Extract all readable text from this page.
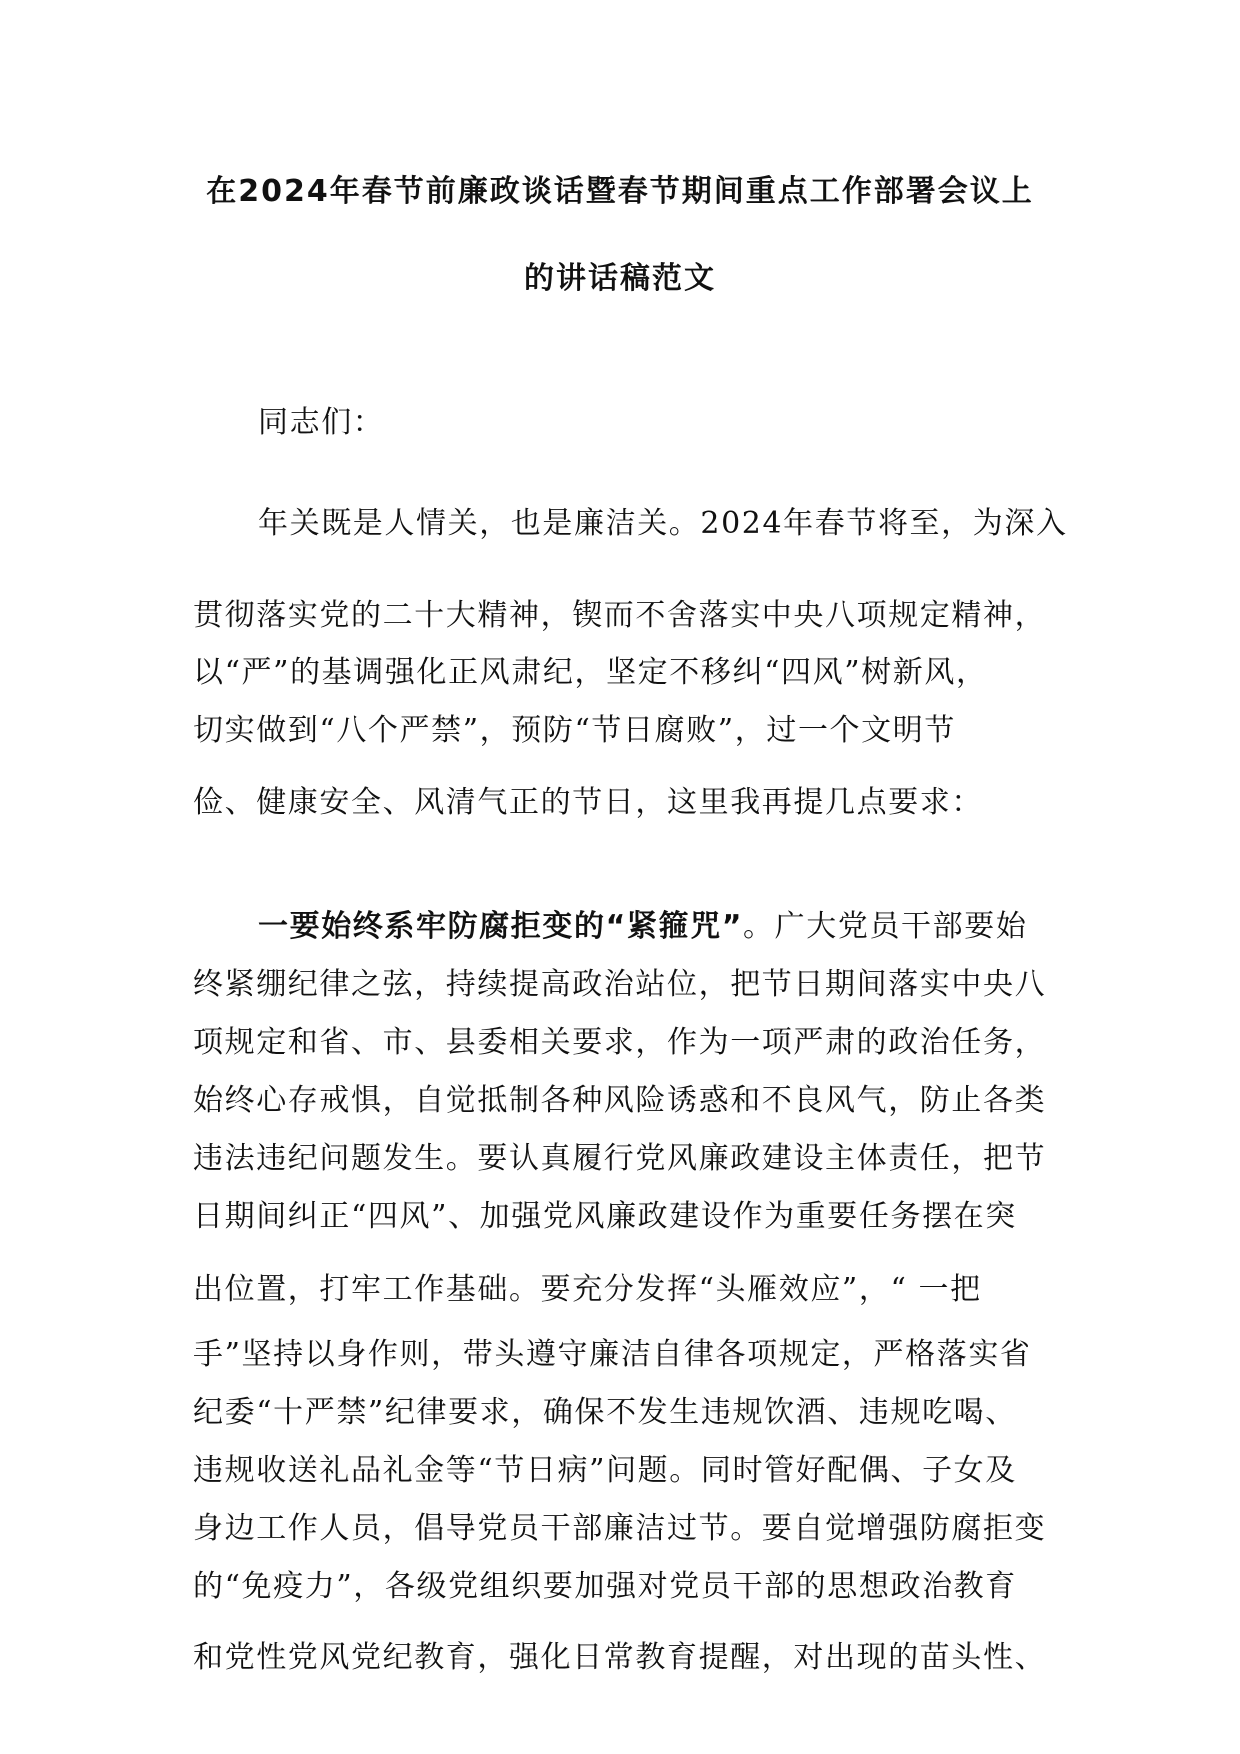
在2024年春节前廉政谈话暨春节期间重点工作部署会议上
的讲话稿范文
同志们：
年关既是人情关，也是廉洁关。2024年春节将至，为深入
贯彻落实党的二十大精神，锲而不舍落实中央八项规定精神，
以“严”的基调强化正风肃纪，坚定不移纠“四风”树新风，
切实做到“八个严禁”，预防“节日腐败”，过一个文明节
俭、健康安全、风清气正的节日，这里我再提几点要求：
一要始终系牢防腐拒变的“紧箍咒”。广大党员干部要始
终紧绷纪律之弦，持续提高政治站位，把节日期间落实中央八
项规定和省、市、县委相关要求，作为一项严肃的政治任务，
始终心存戒惧，自觉抵制各种风险诱惑和不良风气，防止各类
违法违纪问题发生。要认真履行党风廉政建设主体责任，把节
日期间纠正“四风”、加强党风廉政建设作为重要任务摆在突
出位置，打牢工作基础。要充分发挥“头雁效应”，“ 一把
手”坚持以身作则，带头遵守廉洁自律各项规定，严格落实省
纪委“十严禁”纪律要求，确保不发生违规饮酒、违规吃喝、
违规收送礼品礼金等“节日病”问题。同时管好配偶、子女及
身边工作人员，倡导党员干部廉洁过节。要自觉增强防腐拒变
的“免疫力”，各级党组织要加强对党员干部的思想政治教育
和党性党风党纪教育，强化日常教育提醒，对出现的苗头性、
